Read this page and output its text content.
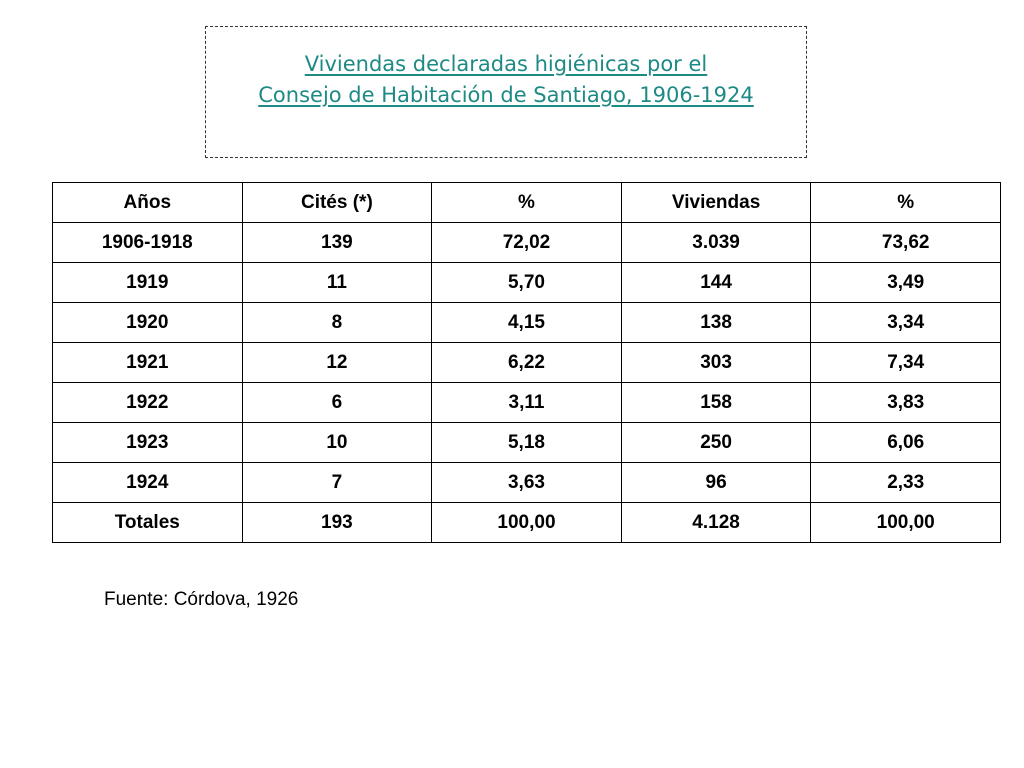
Viviendas declaradas higiénicas por el
Consejo de Habitación de Santiago, 1906-1924
Años	Cités (*)	%	Viviendas	%
1906-1918	139	72,02	3.039	73,62
1919	11	5,70	144	3,49
1920	8	4,15	138	3,34
1921	12	6,22	303	7,34
1922	6	3,11	158	3,83
1923	10	5,18	250	6,06
1924	7	3,63	96	2,33
Totales	193	100,00	4.128	100,00
Fuente: Córdova, 1926
